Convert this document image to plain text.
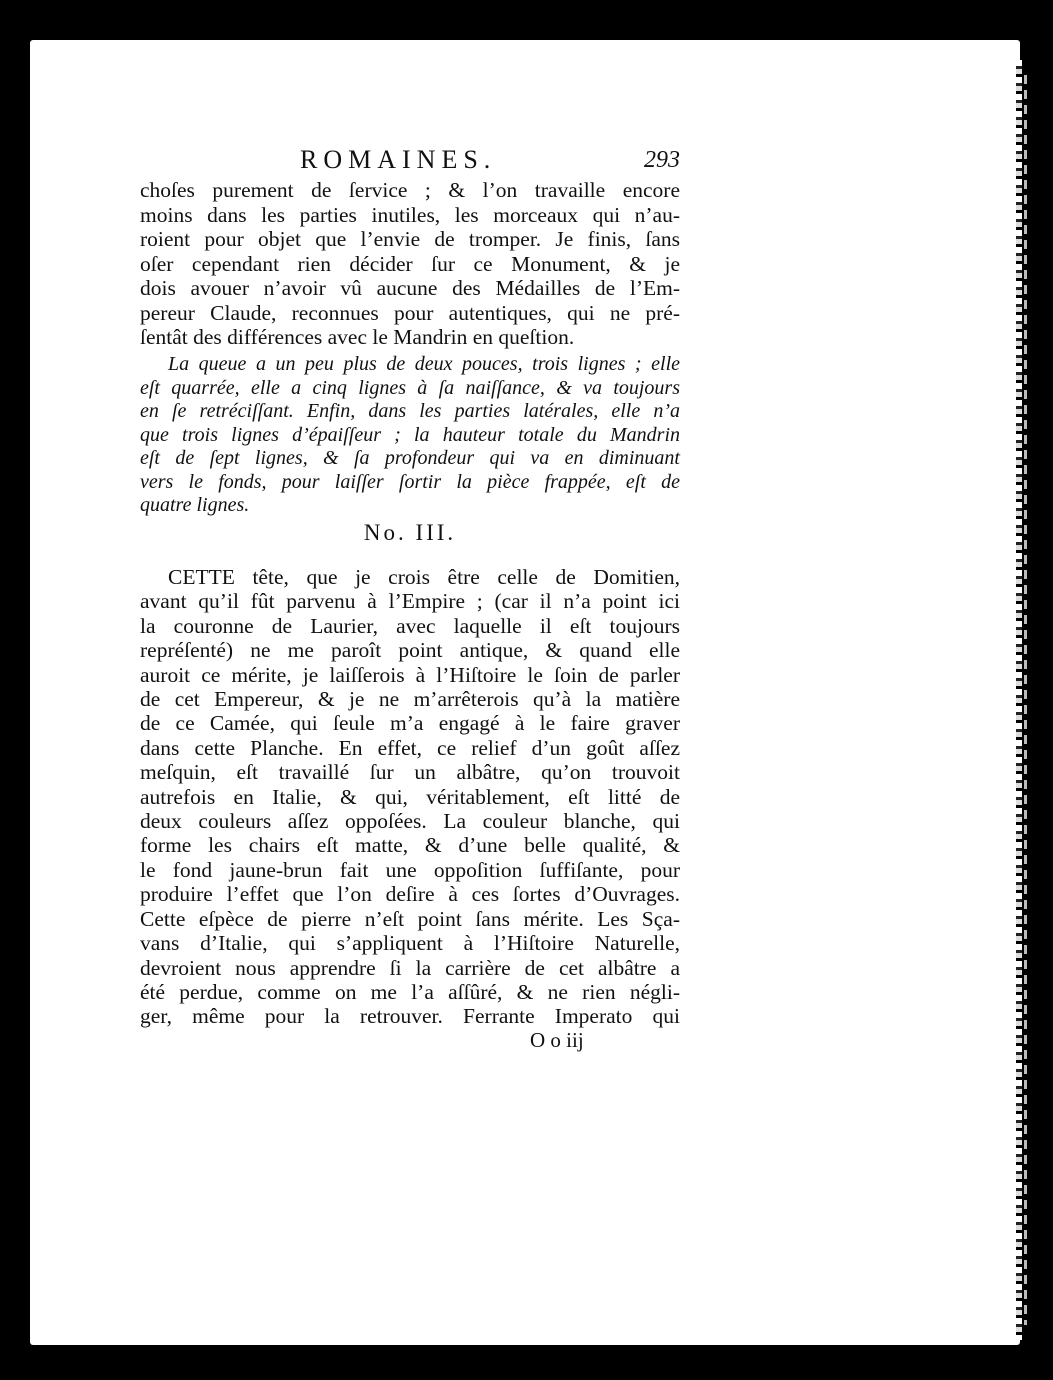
ROMAINES.	293

choſes purement de ſervice ; & l’on travaille encore
moins dans les parties inutiles, les morceaux qui n’au-
roient pour objet que l’envie de tromper. Je finis, ſans
oſer cependant rien décider ſur ce Monument, & je
dois avouer n’avoir vû aucune des Médailles de l’Em-
pereur Claude, reconnues pour autentiques, qui ne pré-
ſentât des différences avec le Mandrin en queſtion.

La queue a un peu plus de deux pouces, trois lignes ; elle
eſt quarrée, elle a cinq lignes à ſa naiſſance, & va toujours
en ſe retréciſſant. Enfin, dans les parties latérales, elle n’a
que trois lignes d’épaiſſeur ; la hauteur totale du Mandrin
eſt de ſept lignes, & ſa profondeur qui va en diminuant
vers le fonds, pour laiſſer ſortir la pièce frappée, eſt de
quatre lignes.

No. III.

CETTE tête, que je crois être celle de Domitien,
avant qu’il fût parvenu à l’Empire ; (car il n’a point ici
la couronne de Laurier, avec laquelle il eſt toujours
repréſenté) ne me paroît point antique, & quand elle
auroit ce mérite, je laiſſerois à l’Hiſtoire le ſoin de parler
de cet Empereur, & je ne m’arrêterois qu’à la matière
de ce Camée, qui ſeule m’a engagé à le faire graver
dans cette Planche. En effet, ce relief d’un goût aſſez
meſquin, eſt travaillé ſur un albâtre, qu’on trouvoit
autrefois en Italie, & qui, véritablement, eſt litté de
deux couleurs aſſez oppoſées. La couleur blanche, qui
forme les chairs eſt matte, & d’une belle qualité, &
le fond jaune-brun fait une oppoſition ſuffiſante, pour
produire l’effet que l’on deſire à ces ſortes d’Ouvrages.
Cette eſpèce de pierre n’eſt point ſans mérite. Les Sça-
vans d’Italie, qui s’appliquent à l’Hiſtoire Naturelle,
devroient nous apprendre ſi la carrière de cet albâtre a
été perdue, comme on me l’a aſſûré, & ne rien négli-
ger, même pour la retrouver. Ferrante Imperato qui

O o iij
